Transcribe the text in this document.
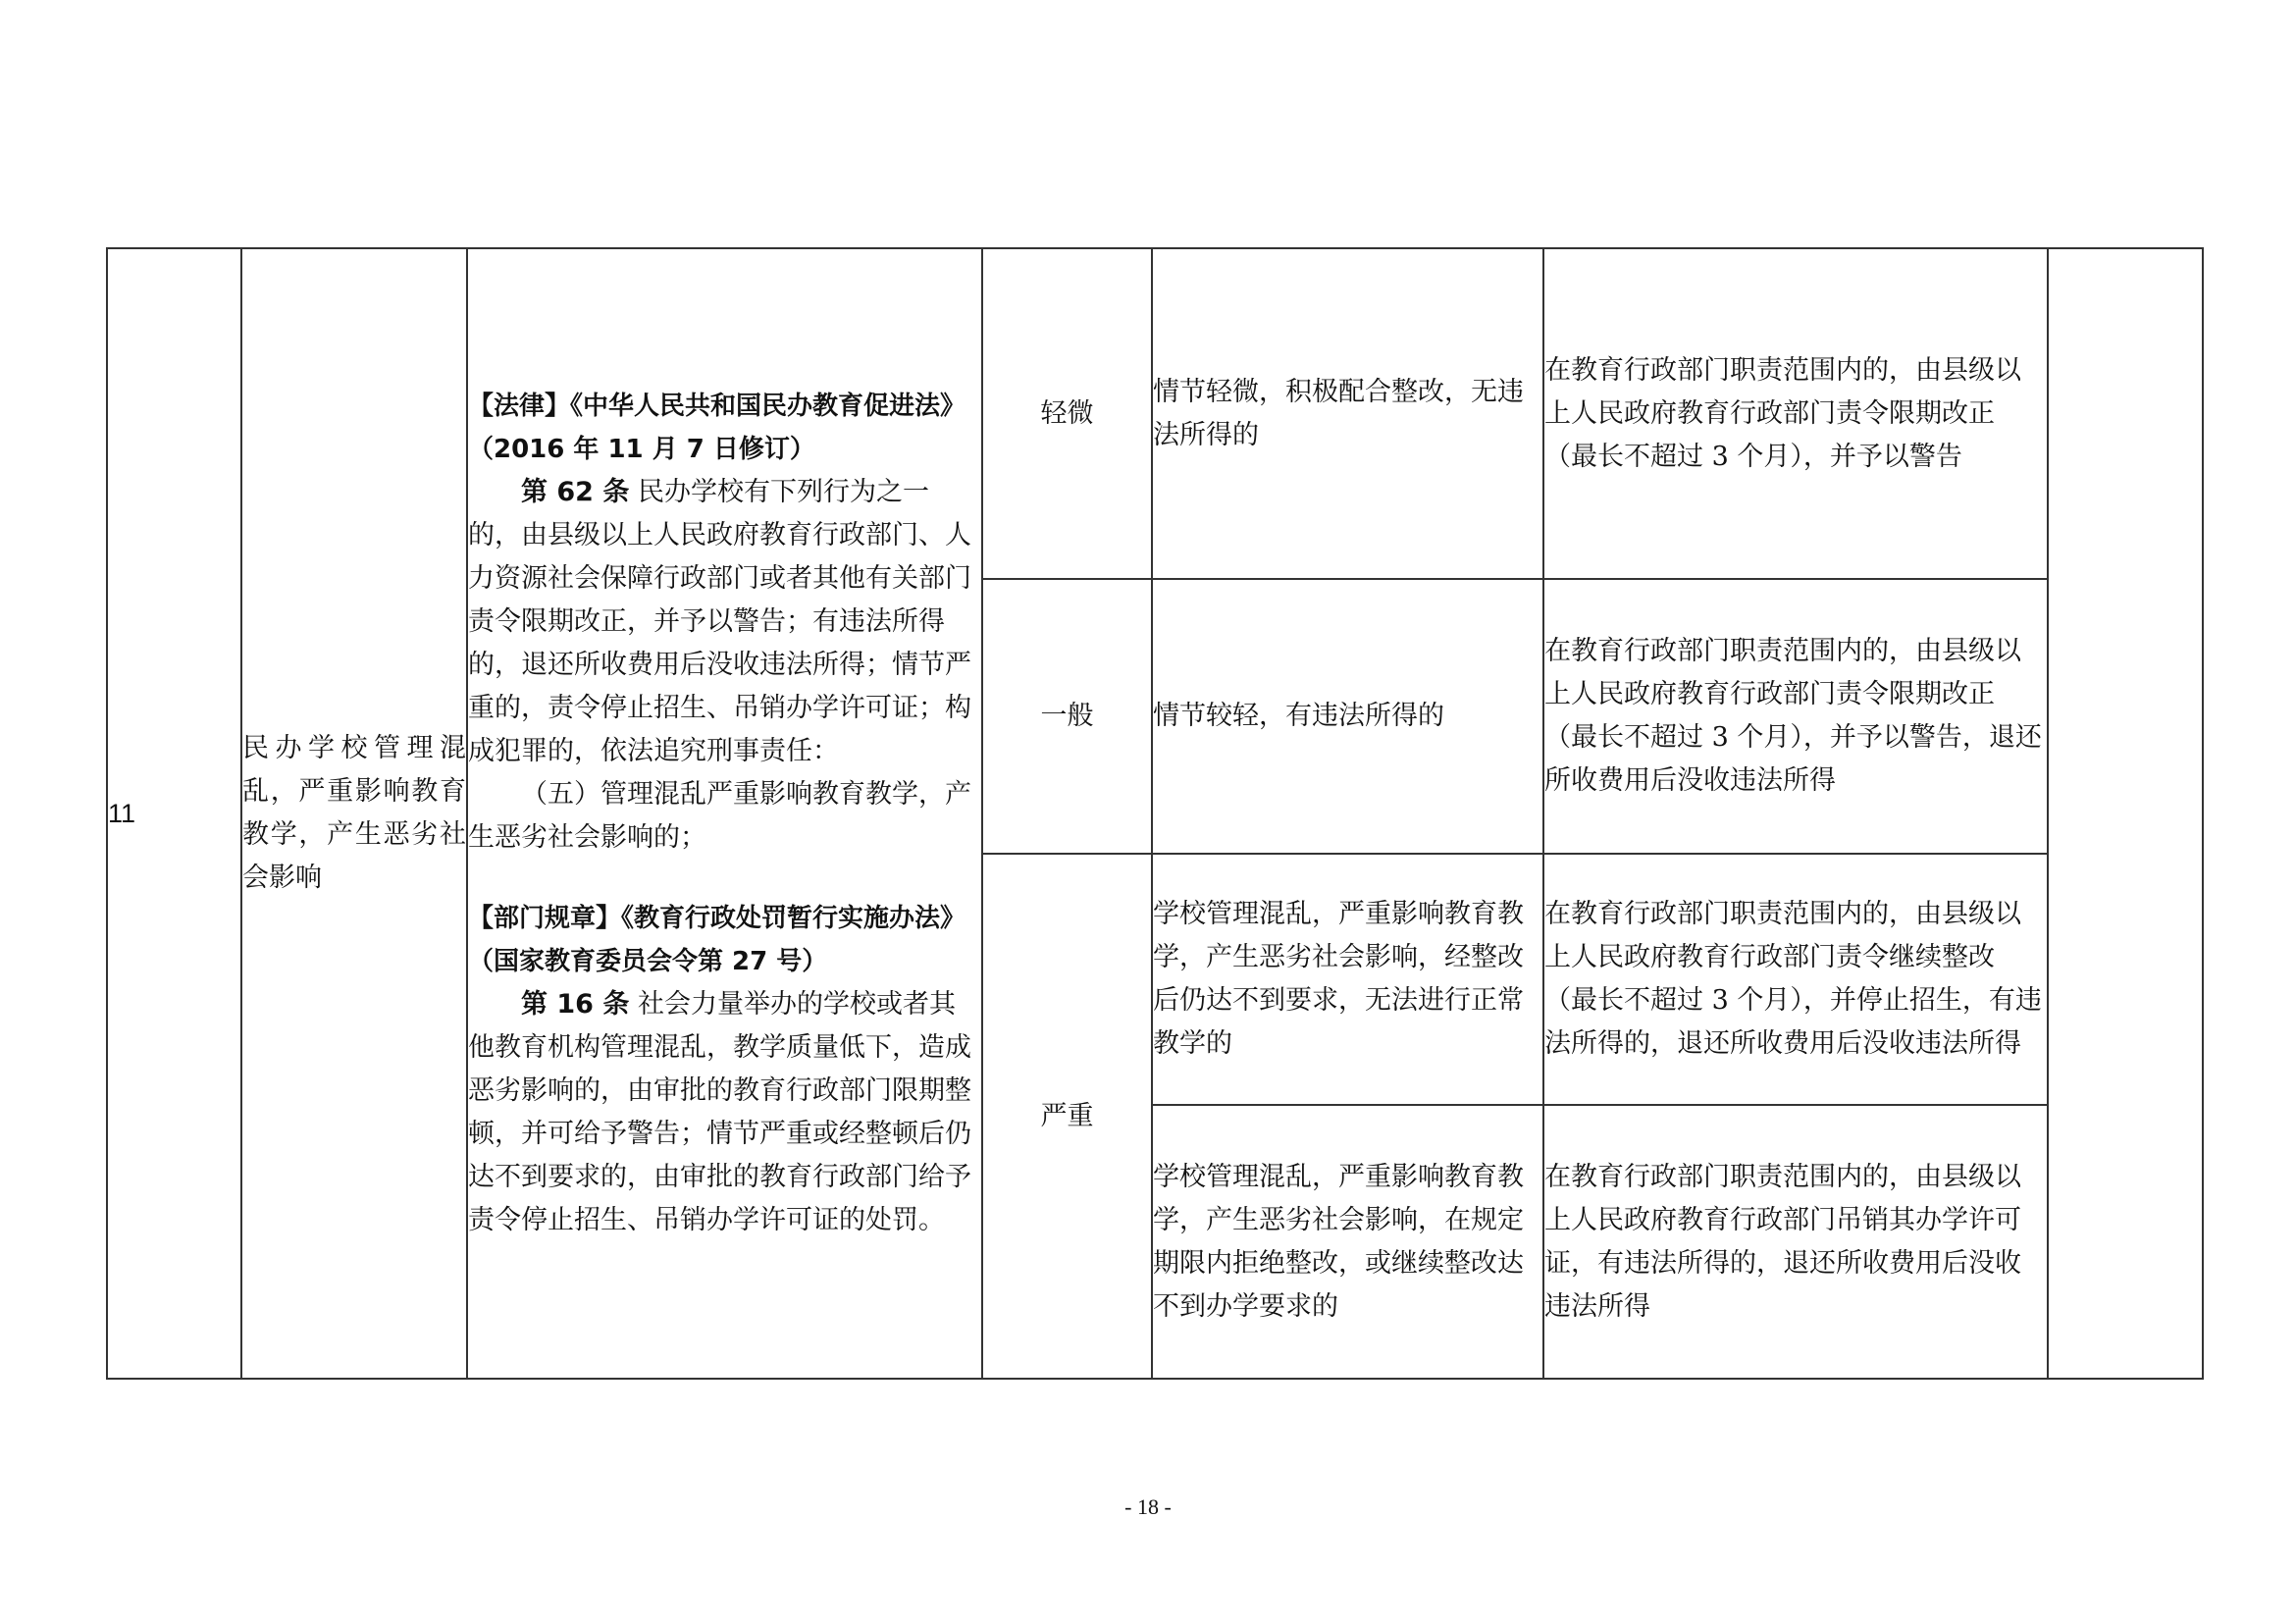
11	民办学校管理混乱，严重影响教育教学，产生恶劣社会影响	【法律】《中华人民共和国民办教育促进法》（2016 年 11 月 7 日修订）

第 62 条 民办学校有下列行为之一的，由县级以上人民政府教育行政部门、人力资源社会保障行政部门或者其他有关部门责令限期改正，并予以警告；有违法所得的，退还所收费用后没收违法所得；情节严重的，责令停止招生、吊销办学许可证；构成犯罪的，依法追究刑事责任：

（五）管理混乱严重影响教育教学，产生恶劣社会影响的；

【部门规章】《教育行政处罚暂行实施办法》（国家教育委员会令第 27 号）

第 16 条 社会力量举办的学校或者其他教育机构管理混乱，教学质量低下，造成恶劣影响的，由审批的教育行政部门限期整顿，并可给予警告；情节严重或经整顿后仍达不到要求的，由审批的教育行政部门给予责令停止招生、吊销办学许可证的处罚。	轻微	情节轻微，积极配合整改，无违法所得的	在教育行政部门职责范围内的，由县级以上人民政府教育行政部门责令限期改正（最长不超过 3 个月），并予以警告	
			一般	情节较轻，有违法所得的	在教育行政部门职责范围内的，由县级以上人民政府教育行政部门责令限期改正（最长不超过 3 个月），并予以警告，退还所收费用后没收违法所得	
			严重	学校管理混乱，严重影响教育教学，产生恶劣社会影响，经整改后仍达不到要求，无法进行正常教学的	在教育行政部门职责范围内的，由县级以上人民政府教育行政部门责令继续整改（最长不超过 3 个月），并停止招生，有违法所得的，退还所收费用后没收违法所得	
				学校管理混乱，严重影响教育教学，产生恶劣社会影响，在规定期限内拒绝整改，或继续整改达不到办学要求的	在教育行政部门职责范围内的，由县级以上人民政府教育行政部门吊销其办学许可证，有违法所得的，退还所收费用后没收违法所得	
- 18 -
